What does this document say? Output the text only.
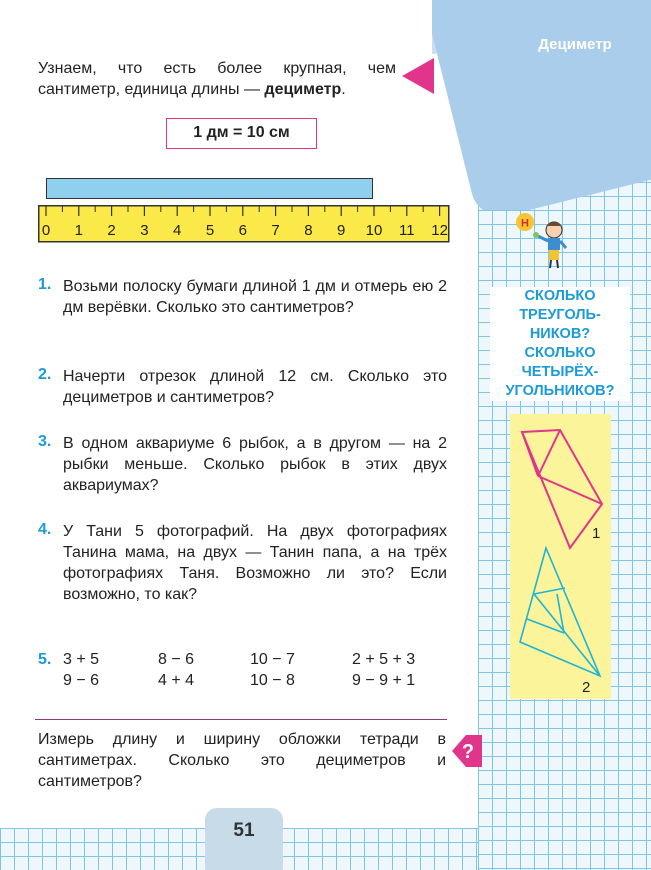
Дециметр
Узнаем, что есть более крупная, чем сантиметр, единица длины — дециметр.
1 дм = 10 см
0 1 2 3 4 5 6 7 8 9 10 11 12
1. Возьми полоску бумаги длиной 1 дм и отмерь ею 2 дм верёвки. Сколько это сантиметров?
2. Начерти отрезок длиной 12 см. Сколько это дециметров и сантиметров?
3. В одном аквариуме 6 рыбок, а в другом — на 2 рыбки меньше. Сколько рыбок в этих двух аквариумах?
4. У Тани 5 фотографий. На двух фотографиях Танина мама, на двух — Танин папа, а на трёх фотографиях Таня. Возможно ли это? Если возможно, то как?
5. 3 + 5	8 − 6	10 − 7	2 + 5 + 3
9 − 6	4 + 4	10 − 8	9 − 9 + 1
Измерь длину и ширину обложки тетради в сантиметрах. Сколько это дециметров и сантиметров?
?
Н
СКОЛЬКО
ТРЕУГОЛЬ-
НИКОВ?
СКОЛЬКО
ЧЕТЫРЁХ-
УГОЛЬНИКОВ?
1
2
51
